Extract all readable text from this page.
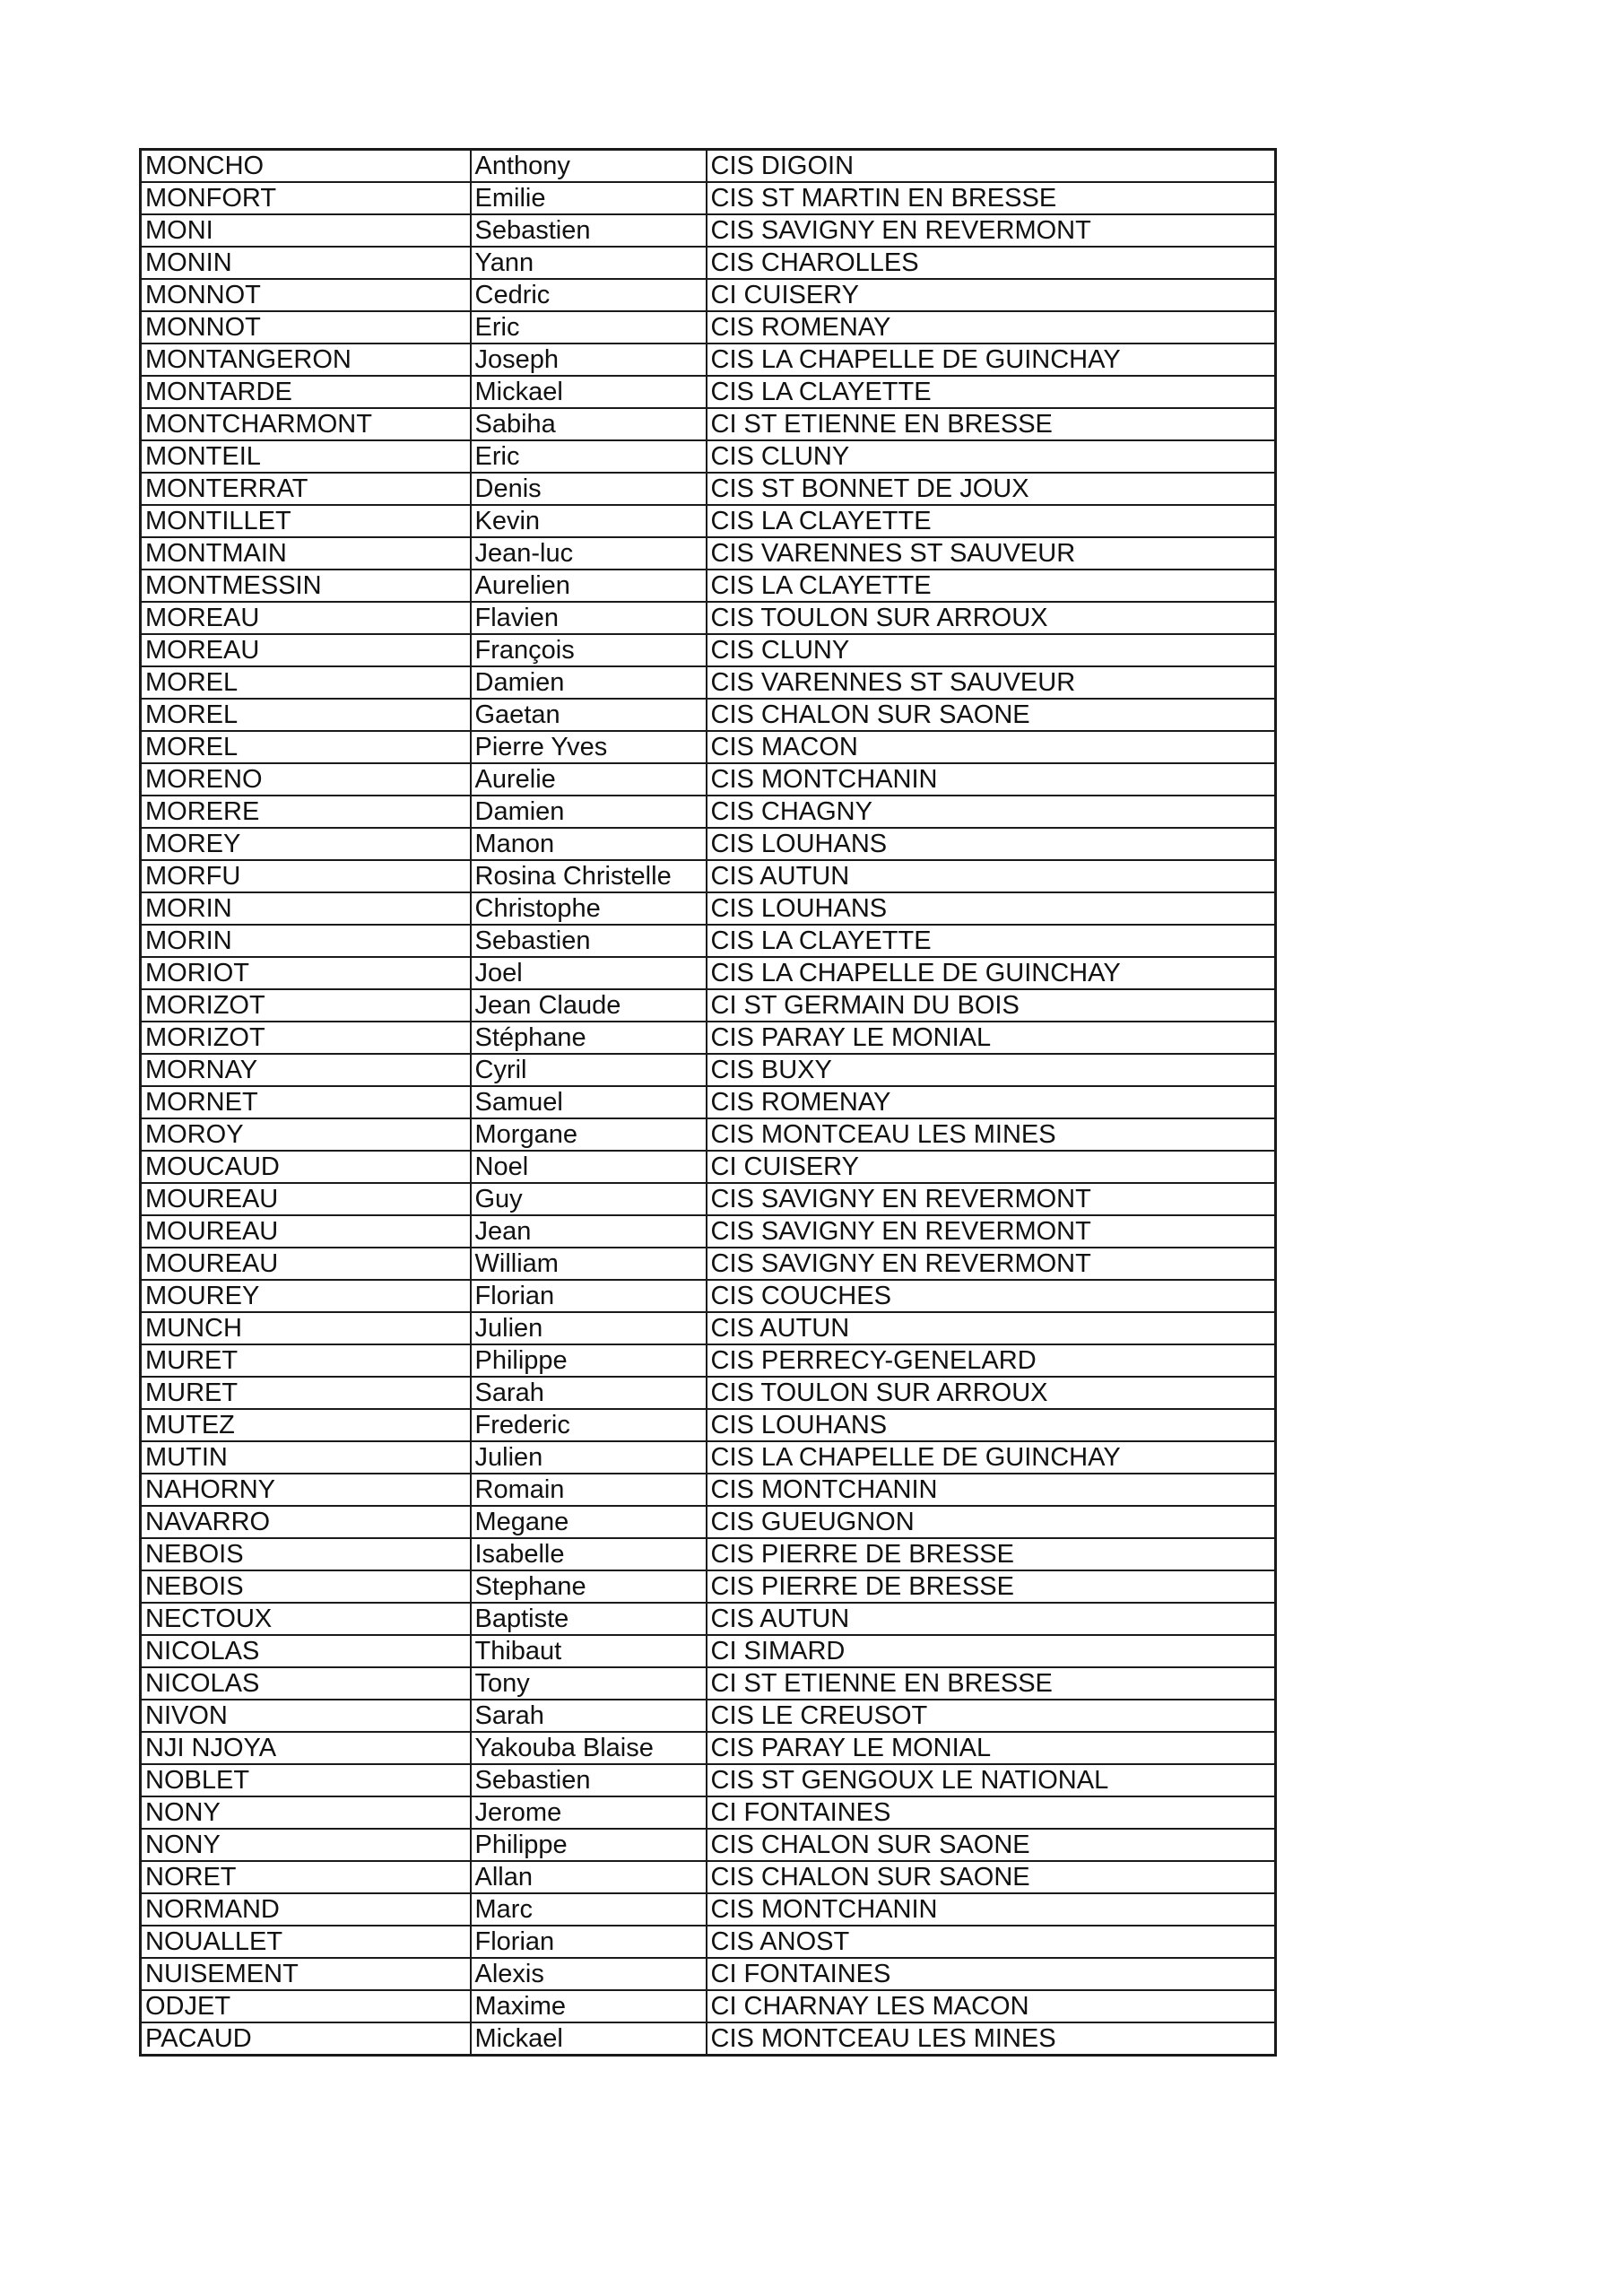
MONCHO	Anthony	CIS DIGOIN
MONFORT	Emilie	CIS ST MARTIN EN BRESSE
MONI	Sebastien	CIS SAVIGNY EN REVERMONT
MONIN	Yann	CIS CHAROLLES
MONNOT	Cedric	CI CUISERY
MONNOT	Eric	CIS ROMENAY
MONTANGERON	Joseph	CIS LA CHAPELLE DE GUINCHAY
MONTARDE	Mickael	CIS LA CLAYETTE
MONTCHARMONT	Sabiha	CI ST ETIENNE EN BRESSE
MONTEIL	Eric	CIS CLUNY
MONTERRAT	Denis	CIS ST BONNET DE JOUX
MONTILLET	Kevin	CIS LA CLAYETTE
MONTMAIN	Jean-luc	CIS VARENNES ST SAUVEUR
MONTMESSIN	Aurelien	CIS LA CLAYETTE
MOREAU	Flavien	CIS TOULON SUR ARROUX
MOREAU	François	CIS CLUNY
MOREL	Damien	CIS VARENNES ST SAUVEUR
MOREL	Gaetan	CIS CHALON SUR SAONE
MOREL	Pierre Yves	CIS MACON
MORENO	Aurelie	CIS MONTCHANIN
MORERE	Damien	CIS CHAGNY
MOREY	Manon	CIS LOUHANS
MORFU	Rosina Christelle	CIS AUTUN
MORIN	Christophe	CIS LOUHANS
MORIN	Sebastien	CIS LA CLAYETTE
MORIOT	Joel	CIS LA CHAPELLE DE GUINCHAY
MORIZOT	Jean Claude	CI ST GERMAIN DU BOIS
MORIZOT	Stéphane	CIS PARAY LE MONIAL
MORNAY	Cyril	CIS BUXY
MORNET	Samuel	CIS ROMENAY
MOROY	Morgane	CIS MONTCEAU LES MINES
MOUCAUD	Noel	CI CUISERY
MOUREAU	Guy	CIS SAVIGNY EN REVERMONT
MOUREAU	Jean	CIS SAVIGNY EN REVERMONT
MOUREAU	William	CIS SAVIGNY EN REVERMONT
MOUREY	Florian	CIS COUCHES
MUNCH	Julien	CIS AUTUN
MURET	Philippe	CIS PERRECY-GENELARD
MURET	Sarah	CIS TOULON SUR ARROUX
MUTEZ	Frederic	CIS LOUHANS
MUTIN	Julien	CIS LA CHAPELLE DE GUINCHAY
NAHORNY	Romain	CIS MONTCHANIN
NAVARRO	Megane	CIS GUEUGNON
NEBOIS	Isabelle	CIS PIERRE DE BRESSE
NEBOIS	Stephane	CIS PIERRE DE BRESSE
NECTOUX	Baptiste	CIS AUTUN
NICOLAS	Thibaut	CI SIMARD
NICOLAS	Tony	CI ST ETIENNE EN BRESSE
NIVON	Sarah	CIS LE CREUSOT
NJI NJOYA	Yakouba Blaise	CIS PARAY LE MONIAL
NOBLET	Sebastien	CIS ST GENGOUX LE NATIONAL
NONY	Jerome	CI FONTAINES
NONY	Philippe	CIS CHALON SUR SAONE
NORET	Allan	CIS CHALON SUR SAONE
NORMAND	Marc	CIS MONTCHANIN
NOUALLET	Florian	CIS ANOST
NUISEMENT	Alexis	CI FONTAINES
ODJET	Maxime	CI CHARNAY LES MACON
PACAUD	Mickael	CIS MONTCEAU LES MINES
